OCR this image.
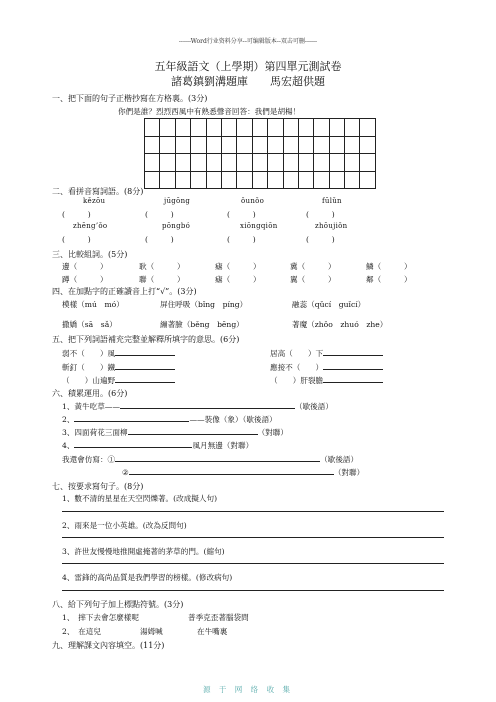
------Word行业资料分享--可编辑版本--双击可删------
五年級語文（上學期）第四單元測試卷
諸葛鎮劉溝題庫　　馬宏超供題
一、把下面的句子正楷抄寫在方格裏。(3分)
你們是誰？烈烈西風中有熟悉聲音回答：我們是胡楊！

二、看拼音寫詞語。(8分)
kězōu	jūgōng	ǒunǒo	fūlǔn
(　　　)	(　　　)	(　　　)	(　　　)
zhēng’ǒo	pōngbó	xiōngqiōn	zhōujiǒn
(　　　)	(　　　)	(　　　)	(　　　)
三、比較組詞。(5分)
邊（　　　）	耿（　　　）	瘧（　　　）	冀（　　　）	鱗（　　　）
蹲（　　　）	聯（　　　）	瘧（　　　）	翼（　　　）	鄰（　　　）
四、在加點字的正確讀音上打“√”。(3分)
模樣（mú　mó）	屏住呼吸（bǐng　píng）	融蕊（qǔcí　guǐcí）
撒嬌（sā　sǎ）	繃著臉（běng　bēng）	著魔（zhǒo　zhuó　zhe）
五、把下列詞語補充完整並解釋所填字的意思。(6分)
弱不（　　）風	居高（　　）下
斬釘（　　）鐵	應接不（　　）
（　　）山遍野	（　　）肝裂膽
六、積累運用。(6分)
1、黃牛吃草——	（歇後語）
2、	——裝像（象）（歇後語）
3、四面荷花三面柳	（對聯）
4、	風月無邊（對聯）
我還會仿寫：①	（歇後語）
②	（對聯）
七、按要求寫句子。(8分)
1、數不清的星星在天空閃爍著。(改成擬人句)
2、雨來是一位小英雄。(改為反問句)
3、許世友慢慢地推開虛掩著的茅草的門。(縮句)
4、雷鋒的高尚品質是我們學習的榜樣。(修改病句)
八、給下列句子加上標點符號。(3分)
1、　摔下去會怎麼樣呢	普季克歪著腦袋問
2、　在這兒	湯姆喊	在牛嘴裏
九、理解課文內容填空。(11分)
源 于 网 络 收 集
